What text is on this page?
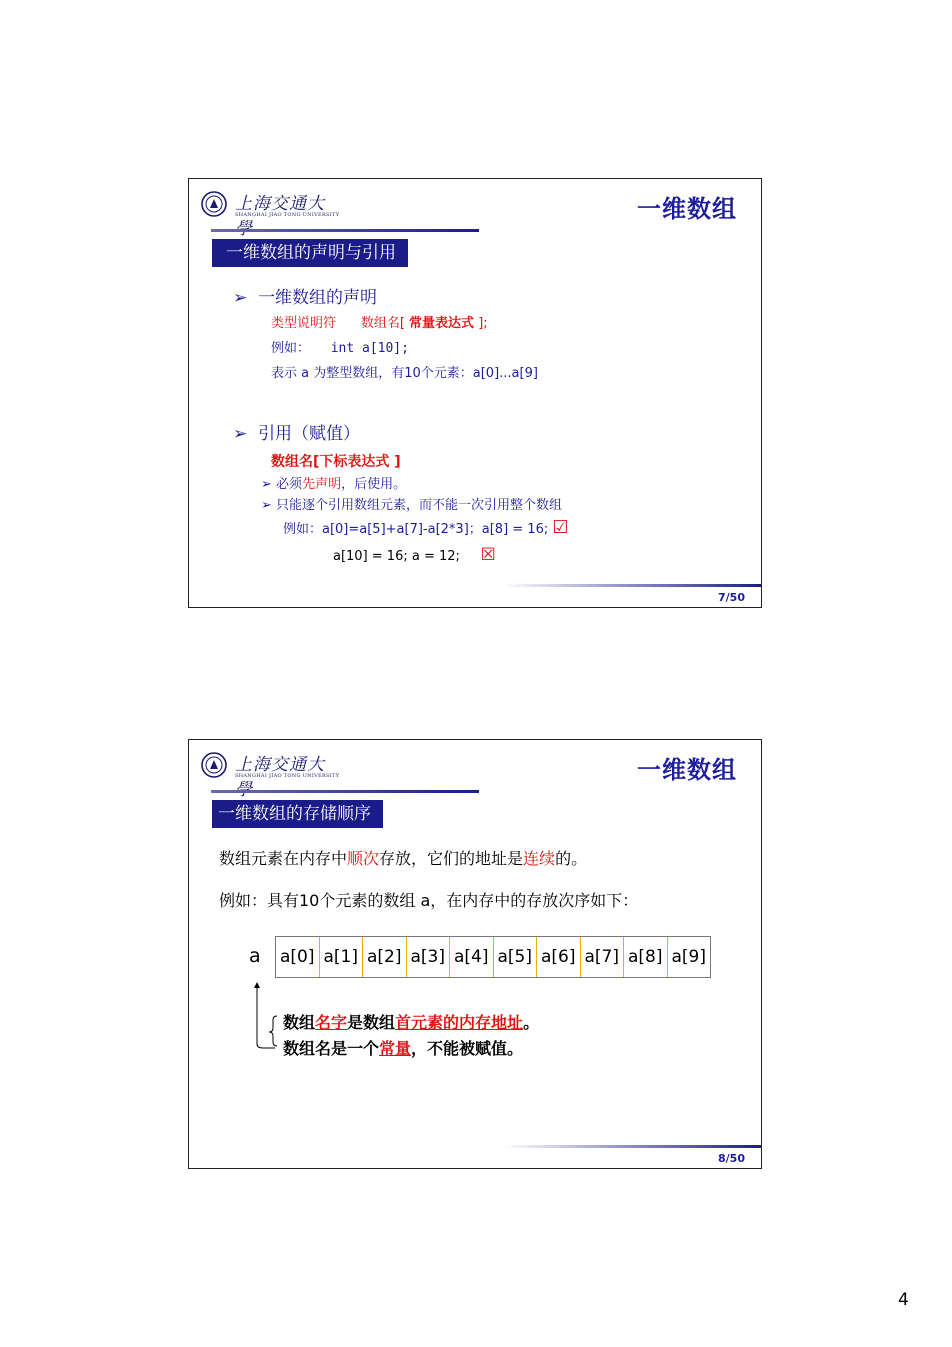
上海交通大
SHANGHAI JIAO TONG UNIVERSITY	一维数组
一维数组的声明与引用
➢ 一维数组的声明
类型说明符 数组名[ 常量表达式 ];
例如： int a[10];
表示 a 为整型数组，有10个元素：a[0]...a[9]
➢ 引用（赋值）
数组名[下标表达式 ]
➢ 必须先声明，后使用。
➢ 只能逐个引用数组元素，而不能一次引用整个数组
例如：a[0]=a[5]+a[7]-a[2*3]；a[8] = 16; ☑
a[10] = 16; a = 12; ☒
7/50
上海交通大
SHANGHAI JIAO TONG UNIVERSITY	一维数组
一维数组的存储顺序
数组元素在内存中顺次存放，它们的地址是连续的。
例如：具有10个元素的数组 a，在内存中的存放次序如下：
a a[0] a[1] a[2] a[3] a[4] a[5] a[6] a[7] a[8] a[9]
数组名字是数组首元素的内存地址。
数组名是一个常量，不能被赋值。
8/50
4
